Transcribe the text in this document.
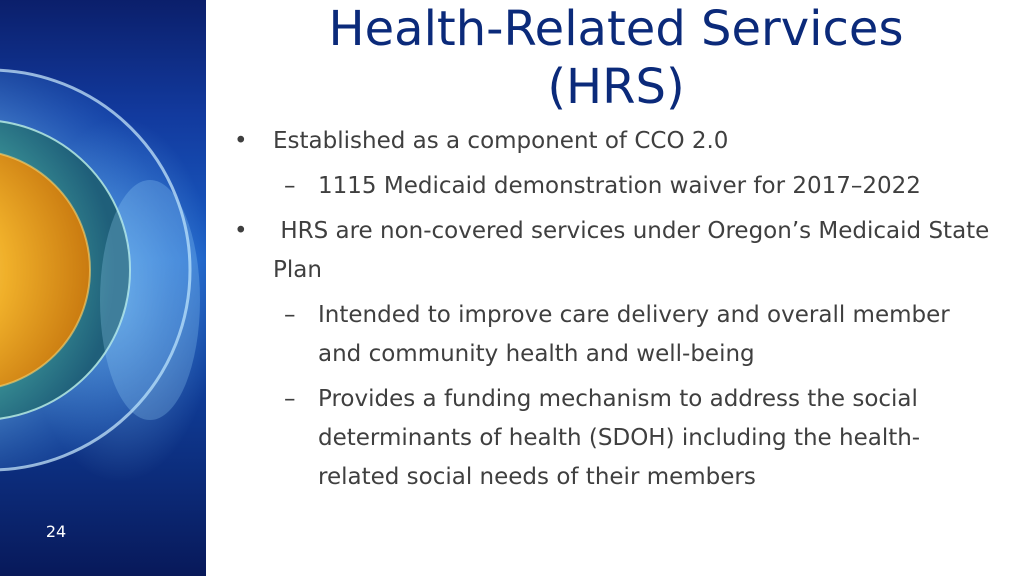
24
Health-Related Services
(HRS)
• Established as a component of CCO 2.0
– 1115 Medicaid demonstration waiver for 2017–2022
• HRS are non-covered services under Oregon’s Medicaid State Plan
– Intended to improve care delivery and overall member and community health and well-being
– Provides a funding mechanism to address the social determinants of health (SDOH) including the health-related social needs of their members
